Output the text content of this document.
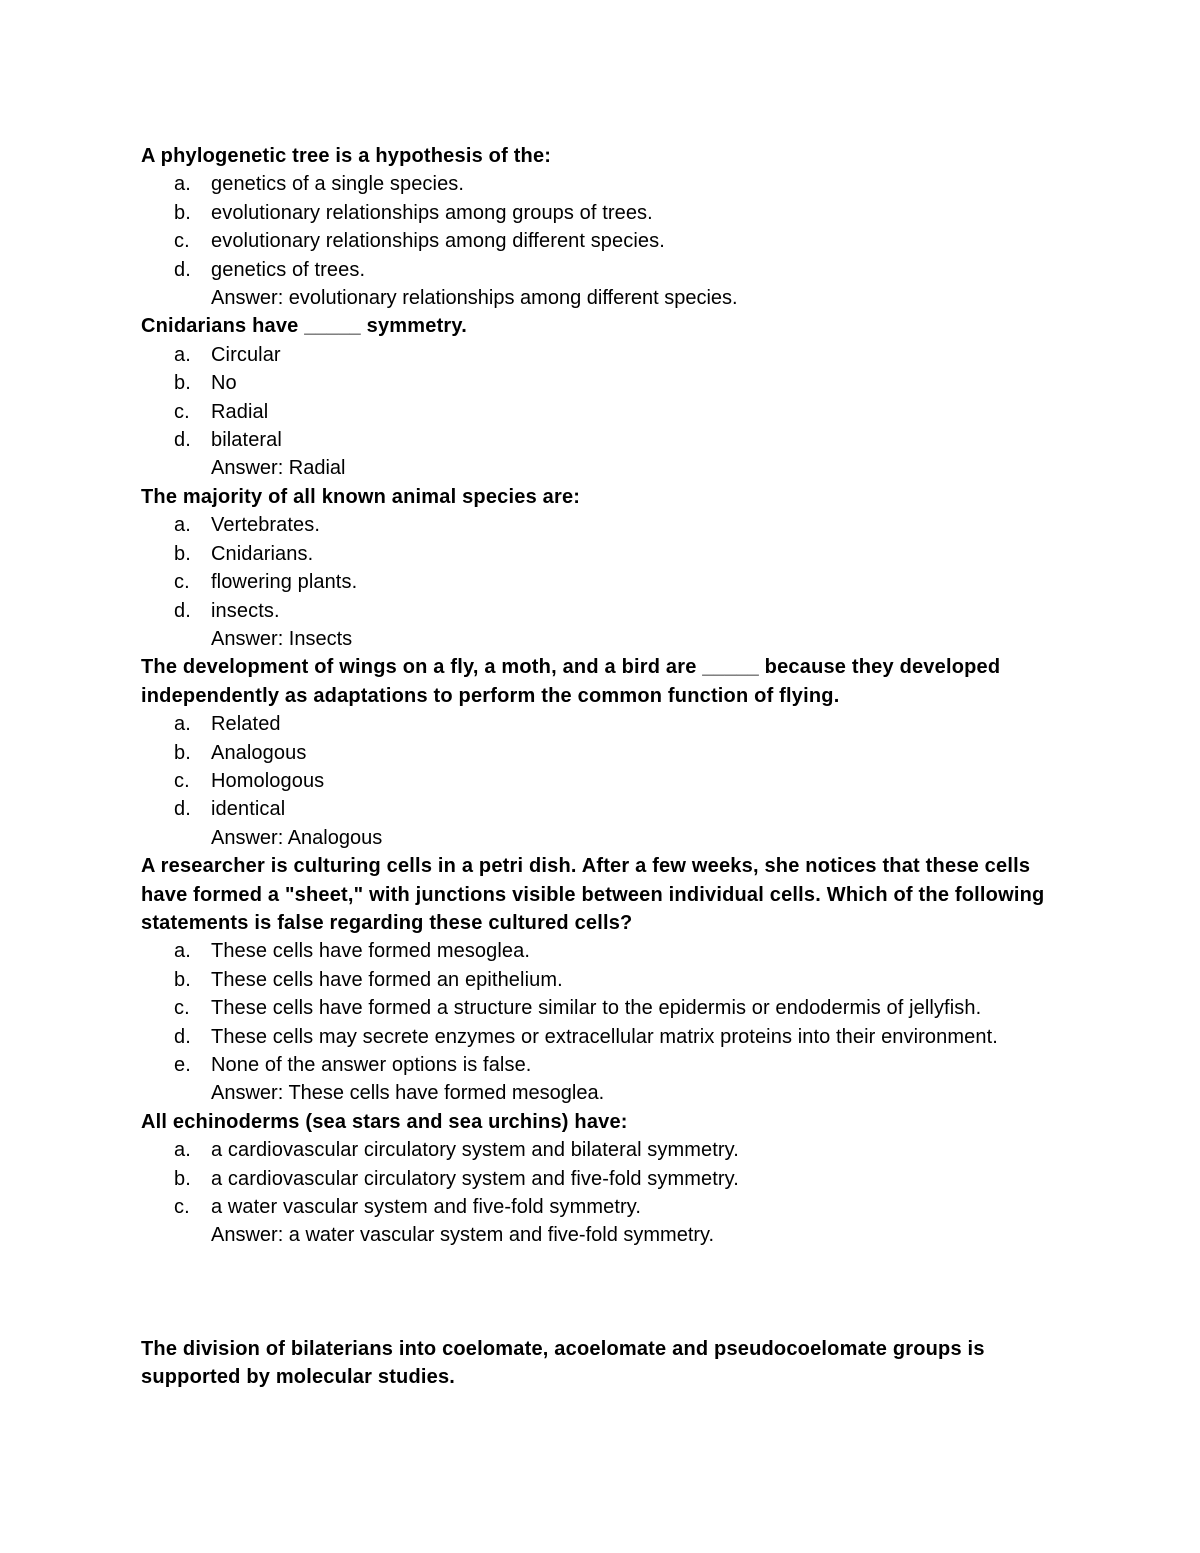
A phylogenetic tree is a hypothesis of the:
a.	genetics of a single species.
b.	evolutionary relationships among groups of trees.
c.	evolutionary relationships among different species.
d.	genetics of trees.
Answer: evolutionary relationships among different species.
Cnidarians have _____ symmetry.
a.	Circular
b.	No
c.	Radial
d.	bilateral
Answer: Radial
The majority of all known animal species are:
a.	Vertebrates.
b.	Cnidarians.
c.	flowering plants.
d.	insects.
Answer: Insects
The development of wings on a fly, a moth, and a bird are _____ because they developed independently as adaptations to perform the common function of flying.
a.	Related
b.	Analogous
c.	Homologous
d.	identical
Answer: Analogous
A researcher is culturing cells in a petri dish. After a few weeks, she notices that these cells have formed a "sheet," with junctions visible between individual cells. Which of the following statements is false regarding these cultured cells?
a.	These cells have formed mesoglea.
b.	These cells have formed an epithelium.
c.	These cells have formed a structure similar to the epidermis or endodermis of jellyfish.
d.	These cells may secrete enzymes or extracellular matrix proteins into their environment.
e.	None of the answer options is false.
Answer: These cells have formed mesoglea.
All echinoderms (sea stars and sea urchins) have:
a.	a cardiovascular circulatory system and bilateral symmetry.
b.	a cardiovascular circulatory system and five-fold symmetry.
c.	a water vascular system and five-fold symmetry.
Answer: a water vascular system and five-fold symmetry.
The division of bilaterians into coelomate, acoelomate and pseudocoelomate groups is supported by molecular studies.
